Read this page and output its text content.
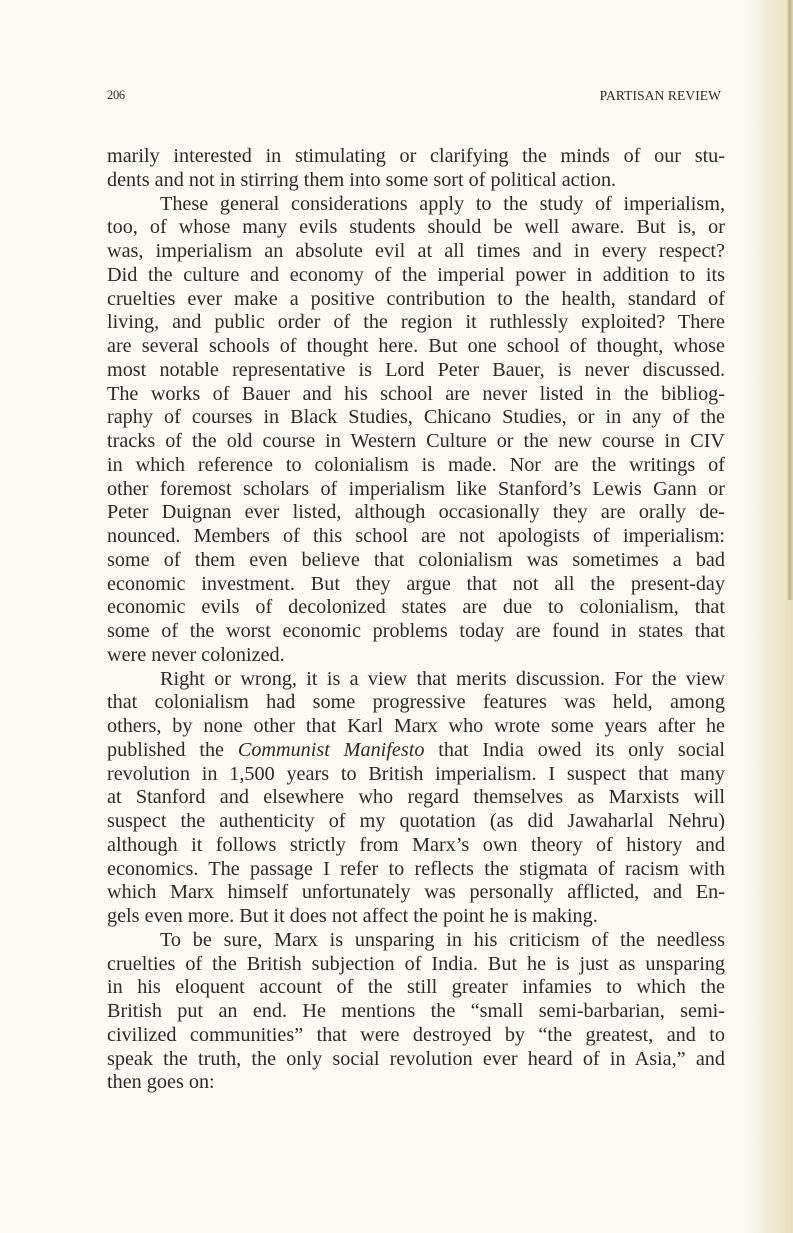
206	PARTISAN REVIEW
marily interested in stimulating or clarifying the minds of our stu-
dents and not in stirring them into some sort of political action.
These general considerations apply to the study of imperialism,
too, of whose many evils students should be well aware. But is, or
was, imperialism an absolute evil at all times and in every respect?
Did the culture and economy of the imperial power in addition to its
cruelties ever make a positive contribution to the health, standard of
living, and public order of the region it ruthlessly exploited? There
are several schools of thought here. But one school of thought, whose
most notable representative is Lord Peter Bauer, is never discussed.
The works of Bauer and his school are never listed in the bibliog-
raphy of courses in Black Studies, Chicano Studies, or in any of the
tracks of the old course in Western Culture or the new course in CIV
in which reference to colonialism is made. Nor are the writings of
other foremost scholars of imperialism like Stanford’s Lewis Gann or
Peter Duignan ever listed, although occasionally they are orally de-
nounced. Members of this school are not apologists of imperialism:
some of them even believe that colonialism was sometimes a bad
economic investment. But they argue that not all the present-day
economic evils of decolonized states are due to colonialism, that
some of the worst economic problems today are found in states that
were never colonized.
Right or wrong, it is a view that merits discussion. For the view
that colonialism had some progressive features was held, among
others, by none other that Karl Marx who wrote some years after he
published the Communist Manifesto that India owed its only social
revolution in 1,500 years to British imperialism. I suspect that many
at Stanford and elsewhere who regard themselves as Marxists will
suspect the authenticity of my quotation (as did Jawaharlal Nehru)
although it follows strictly from Marx’s own theory of history and
economics. The passage I refer to reflects the stigmata of racism with
which Marx himself unfortunately was personally afflicted, and En-
gels even more. But it does not affect the point he is making.
To be sure, Marx is unsparing in his criticism of the needless
cruelties of the British subjection of India. But he is just as unsparing
in his eloquent account of the still greater infamies to which the
British put an end. He mentions the “small semi-barbarian, semi-
civilized communities” that were destroyed by “the greatest, and to
speak the truth, the only social revolution ever heard of in Asia,” and
then goes on:
